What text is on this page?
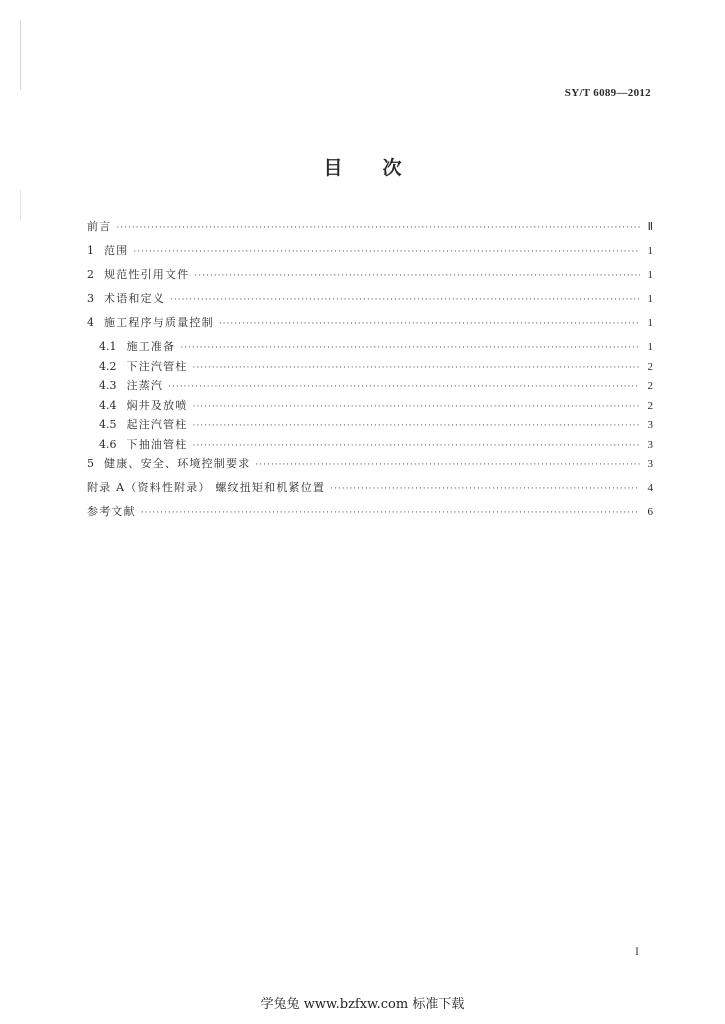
SY/T 6089—2012
目 次
前言 ·····	Ⅱ
1 范围 ·····	1
2 规范性引用文件 ·····	1
3 术语和定义 ·····	1
4 施工程序与质量控制 ·····	1
4.1 施工准备 ·····	1
4.2 下注汽管柱 ·····	2
4.3 注蒸汽 ·····	2
4.4 焖井及放喷 ·····	2
4.5 起注汽管柱 ·····	3
4.6 下抽油管柱 ·····	3
5 健康、安全、环境控制要求 ·····	3
附录 A（资料性附录） 螺纹扭矩和机紧位置 ·····	4
参考文献 ·····	6
I
学兔兔 www.bzfxw.com 标准下载
